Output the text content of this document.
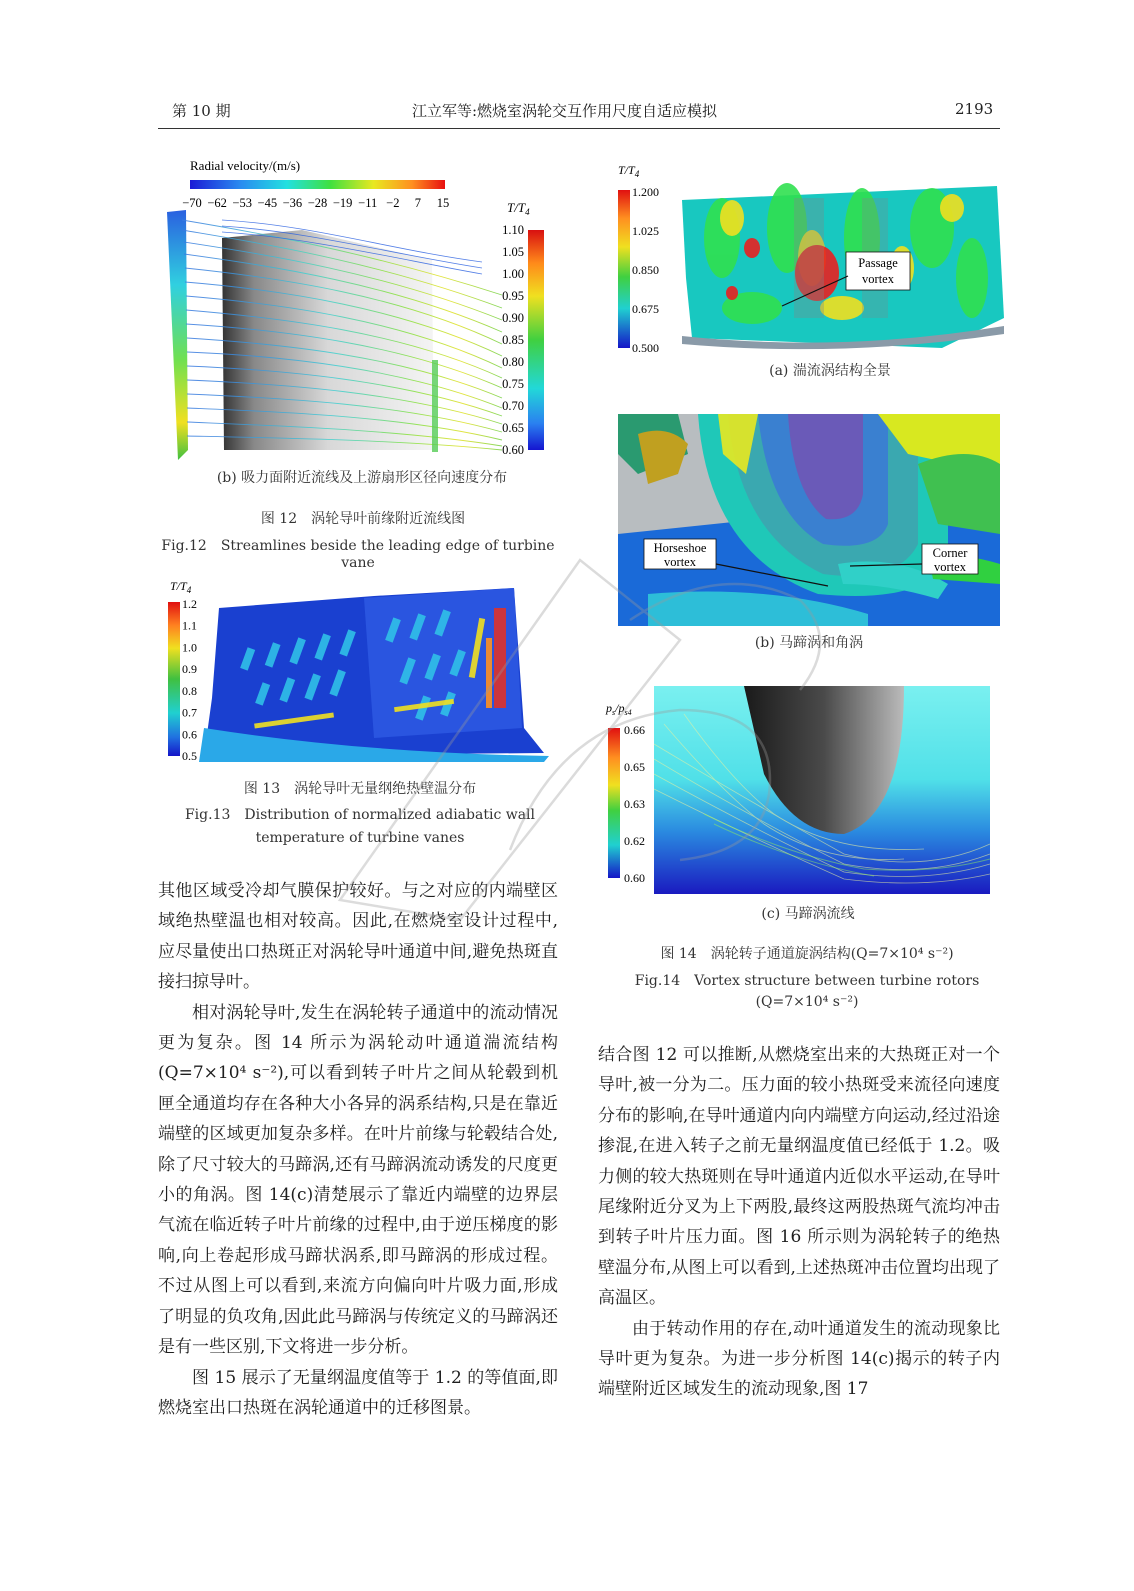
第 10 期	江立军等:燃烧室涡轮交互作用尺度自适应模拟	2193
Radial velocity/(m/s)
−70 −62 −53 −45 −36 −28 −19 −11 −2 7 15	$T/T_4$
1.10
1.05
1.00
0.95
0.90
0.85
0.80
0.75
0.70
0.65
0.60
(b) 吸力面附近流线及上游扇形区径向速度分布
图 12　涡轮导叶前缘附近流线图
Fig.12　Streamlines beside the leading edge of turbine vane
$T/T_4$
1.2
1.1
1.0
0.9
0.8
0.7
0.6
0.5
图 13　涡轮导叶无量纲绝热壁温分布
Fig.13　Distribution of normalized adiabatic wall
temperature of turbine vanes
$T/T_4$
1.200
1.025
0.850
0.675
0.500
Passage
vortex
(a) 湍流涡结构全景
Horseshoe
vortex
Corner
vortex
(b) 马蹄涡和角涡
$p_s/p_{s4}$
0.66
0.65
0.63
0.62
0.60
(c) 马蹄涡流线
图 14　涡轮转子通道旋涡结构(Q=7×10⁴ s⁻²)
Fig.14　Vortex structure between turbine rotors
(Q=7×10⁴ s⁻²)

其他区域受冷却气膜保护较好。与之对应的内端壁区域绝热壁温也相对较高。因此,在燃烧室设计过程中,应尽量使出口热斑正对涡轮导叶通道中间,避免热斑直接扫掠导叶。

相对涡轮导叶,发生在涡轮转子通道中的流动情况更为复杂。图 14 所示为涡轮动叶通道湍流结构(Q=7×10⁴ s⁻²),可以看到转子叶片之间从轮毂到机匣全通道均存在各种大小各异的涡系结构,只是在靠近端壁的区域更加复杂多样。在叶片前缘与轮毂结合处,除了尺寸较大的马蹄涡,还有马蹄涡流动诱发的尺度更小的角涡。图 14(c)清楚展示了靠近内端壁的边界层气流在临近转子叶片前缘的过程中,由于逆压梯度的影响,向上卷起形成马蹄状涡系,即马蹄涡的形成过程。不过从图上可以看到,来流方向偏向叶片吸力面,形成了明显的负攻角,因此此马蹄涡与传统定义的马蹄涡还是有一些区别,下文将进一步分析。

图 15 展示了无量纲温度值等于 1.2 的等值面,即燃烧室出口热斑在涡轮通道中的迁移图景。

结合图 12 可以推断,从燃烧室出来的大热斑正对一个导叶,被一分为二。压力面的较小热斑受来流径向速度分布的影响,在导叶通道内向内端壁方向运动,经过沿途掺混,在进入转子之前无量纲温度值已经低于 1.2。吸力侧的较大热斑则在导叶通道内近似水平运动,在导叶尾缘附近分叉为上下两股,最终这两股热斑气流均冲击到转子叶片压力面。图 16 所示则为涡轮转子的绝热壁温分布,从图上可以看到,上述热斑冲击位置均出现了高温区。

由于转动作用的存在,动叶通道发生的流动现象比导叶更为复杂。为进一步分析图 14(c)揭示的转子内端壁附近区域发生的流动现象,图 17
